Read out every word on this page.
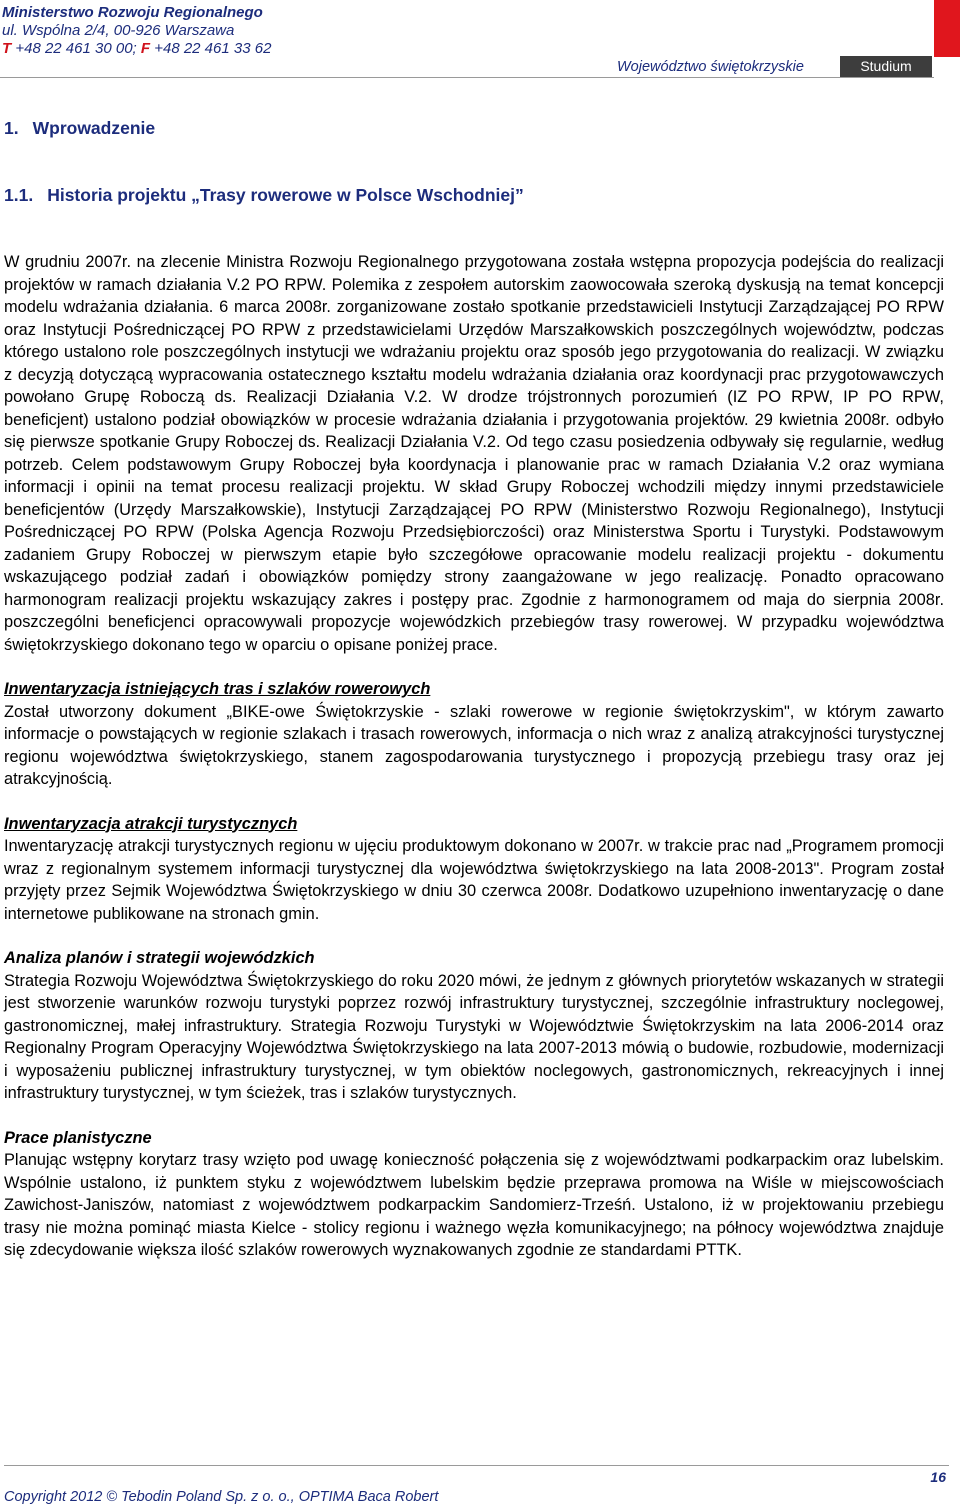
Ministerstwo Rozwoju Regionalnego
ul. Wspólna 2/4, 00-926 Warszawa
T +48 22 461 30 00; F +48 22 461 33 62
Województwo świętokrzyskie	Studium
1. Wprowadzenie
1.1. Historia projektu „Trasy rowerowe w Polsce Wschodniej”

W grudniu 2007r. na zlecenie Ministra Rozwoju Regionalnego przygotowana została wstępna propozycja podejścia do realizacji projektów w ramach działania V.2 PO RPW. Polemika z zespołem autorskim zaowocowała szeroką dyskusją na temat koncepcji modelu wdrażania działania. 6 marca 2008r. zorganizowane zostało spotkanie przedstawicieli Instytucji Zarządzającej PO RPW oraz Instytucji Pośredniczącej PO RPW z przedstawicielami Urzędów Marszałkowskich poszczególnych województw, podczas którego ustalono role poszczególnych instytucji we wdrażaniu projektu oraz sposób jego przygotowania do realizacji. W związku z decyzją dotyczącą wypracowania ostatecznego kształtu modelu wdrażania działania oraz koordynacji prac przygotowawczych powołano Grupę Roboczą ds. Realizacji Działania V.2. W drodze trójstronnych porozumień (IZ PO RPW, IP PO RPW, beneficjent) ustalono podział obowiązków w procesie wdrażania działania i przygotowania projektów. 29 kwietnia 2008r. odbyło się pierwsze spotkanie Grupy Roboczej ds. Realizacji Działania V.2. Od tego czasu posiedzenia odbywały się regularnie, według potrzeb. Celem podstawowym Grupy Roboczej była koordynacja i planowanie prac w ramach Działania V.2 oraz wymiana informacji i opinii na temat procesu realizacji projektu. W skład Grupy Roboczej wchodzili między innymi przedstawiciele beneficjentów (Urzędy Marszałkowskie), Instytucji Zarządzającej PO RPW (Ministerstwo Rozwoju Regionalnego), Instytucji Pośredniczącej PO RPW (Polska Agencja Rozwoju Przedsiębiorczości) oraz Ministerstwa Sportu i Turystyki. Podstawowym zadaniem Grupy Roboczej w pierwszym etapie było szczegółowe opracowanie modelu realizacji projektu - dokumentu wskazującego podział zadań i obowiązków pomiędzy strony zaangażowane w jego realizację. Ponadto opracowano harmonogram realizacji projektu wskazujący zakres i postępy prac. Zgodnie z harmonogramem od maja do sierpnia 2008r. poszczególni beneficjenci opracowywali propozycje wojewódzkich przebiegów trasy rowerowej. W przypadku województwa świętokrzyskiego dokonano tego w oparciu o opisane poniżej prace.

Inwentaryzacja istniejących tras i szlaków rowerowych

Został utworzony dokument „BIKE-owe Świętokrzyskie - szlaki rowerowe w regionie świętokrzyskim", w którym zawarto informacje o powstających w regionie szlakach i trasach rowerowych, informacja o nich wraz z analizą atrakcyjności turystycznej regionu województwa świętokrzyskiego, stanem zagospodarowania turystycznego i propozycją przebiegu trasy oraz jej atrakcyjnością.

Inwentaryzacja atrakcji turystycznych

Inwentaryzację atrakcji turystycznych regionu w ujęciu produktowym dokonano w 2007r. w trakcie prac nad „Programem promocji wraz z regionalnym systemem informacji turystycznej dla województwa świętokrzyskiego na lata 2008-2013". Program został przyjęty przez Sejmik Województwa Świętokrzyskiego w dniu 30 czerwca 2008r. Dodatkowo uzupełniono inwentaryzację o dane internetowe publikowane na stronach gmin.

Analiza planów i strategii wojewódzkich

Strategia Rozwoju Województwa Świętokrzyskiego do roku 2020 mówi, że jednym z głównych priorytetów wskazanych w strategii jest stworzenie warunków rozwoju turystyki poprzez rozwój infrastruktury turystycznej, szczególnie infrastruktury noclegowej, gastronomicznej, małej infrastruktury. Strategia Rozwoju Turystyki w Województwie Świętokrzyskim na lata 2006-2014 oraz Regionalny Program Operacyjny Województwa Świętokrzyskiego na lata 2007-2013 mówią o budowie, rozbudowie, modernizacji i wyposażeniu publicznej infrastruktury turystycznej, w tym obiektów noclegowych, gastronomicznych, rekreacyjnych i innej infrastruktury turystycznej, w tym ścieżek, tras i szlaków turystycznych.

Prace planistyczne

Planując wstępny korytarz trasy wzięto pod uwagę konieczność połączenia się z województwami podkarpackim oraz lubelskim. Wspólnie ustalono, iż punktem styku z województwem lubelskim będzie przeprawa promowa na Wiśle w miejscowościach Zawichost-Janiszów, natomiast z województwem podkarpackim Sandomierz-Trześń. Ustalono, iż w projektowaniu przebiegu trasy nie można pominąć miasta Kielce - stolicy regionu i ważnego węzła komunikacyjnego; na północy województwa znajduje się zdecydowanie większa ilość szlaków rowerowych wyznakowanych zgodnie ze standardami PTTK.

16
Copyright 2012 © Tebodin Poland Sp. z o. o., OPTIMA Baca Robert
